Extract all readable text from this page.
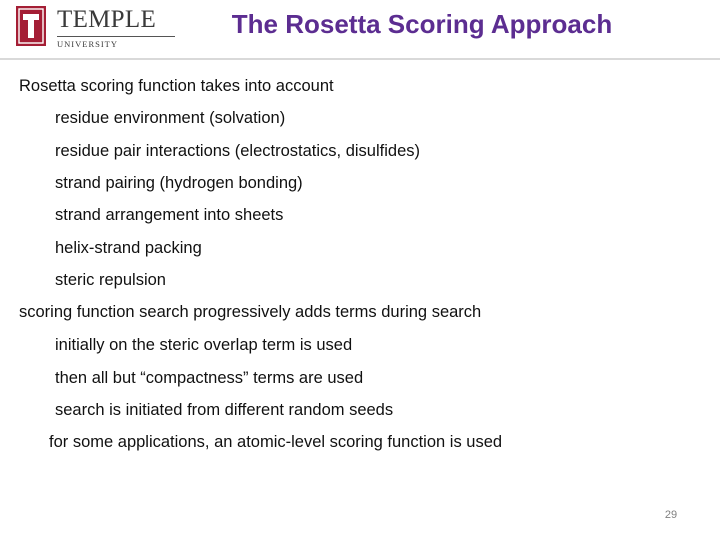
TEMPLE
UNIVERSITY
The Rosetta Scoring Approach
Rosetta scoring function takes into account
residue environment (solvation)
residue pair interactions (electrostatics, disulfides)
strand pairing (hydrogen bonding)
strand arrangement into sheets
helix-strand packing
steric repulsion
scoring function search progressively adds terms during search
initially on the steric overlap term is used
then all but “compactness” terms are used
search is initiated from different random seeds
for some applications, an atomic-level scoring function is used
29
